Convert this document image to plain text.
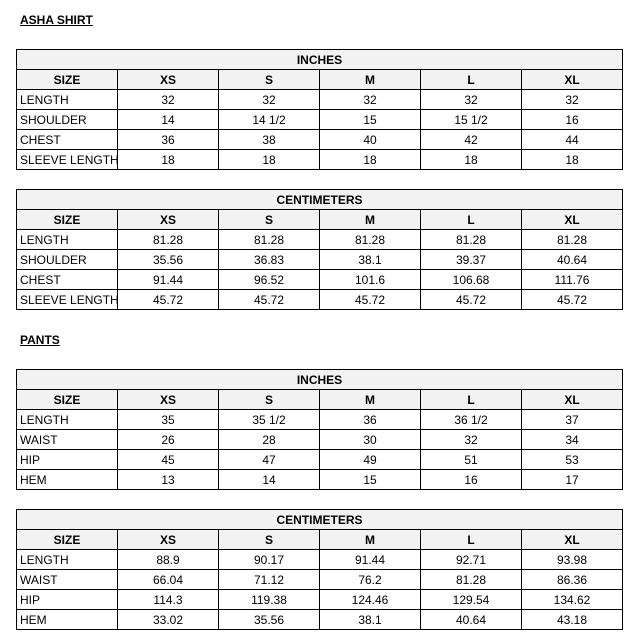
ASHA SHIRT
INCHES					
SIZE	XS	S	M	L	XL
LENGTH	32	32	32	32	32
SHOULDER	14	14 1/2	15	15 1/2	16
CHEST	36	38	40	42	44
SLEEVE LENGTH	18	18	18	18	18
CENTIMETERS					
SIZE	XS	S	M	L	XL
LENGTH	81.28	81.28	81.28	81.28	81.28
SHOULDER	35.56	36.83	38.1	39.37	40.64
CHEST	91.44	96.52	101.6	106.68	111.76
SLEEVE LENGTH	45.72	45.72	45.72	45.72	45.72
PANTS
INCHES					
SIZE	XS	S	M	L	XL
LENGTH	35	35 1/2	36	36 1/2	37
WAIST	26	28	30	32	34
HIP	45	47	49	51	53
HEM	13	14	15	16	17
CENTIMETERS					
SIZE	XS	S	M	L	XL
LENGTH	88.9	90.17	91.44	92.71	93.98
WAIST	66.04	71.12	76.2	81.28	86.36
HIP	114.3	119.38	124.46	129.54	134.62
HEM	33.02	35.56	38.1	40.64	43.18
